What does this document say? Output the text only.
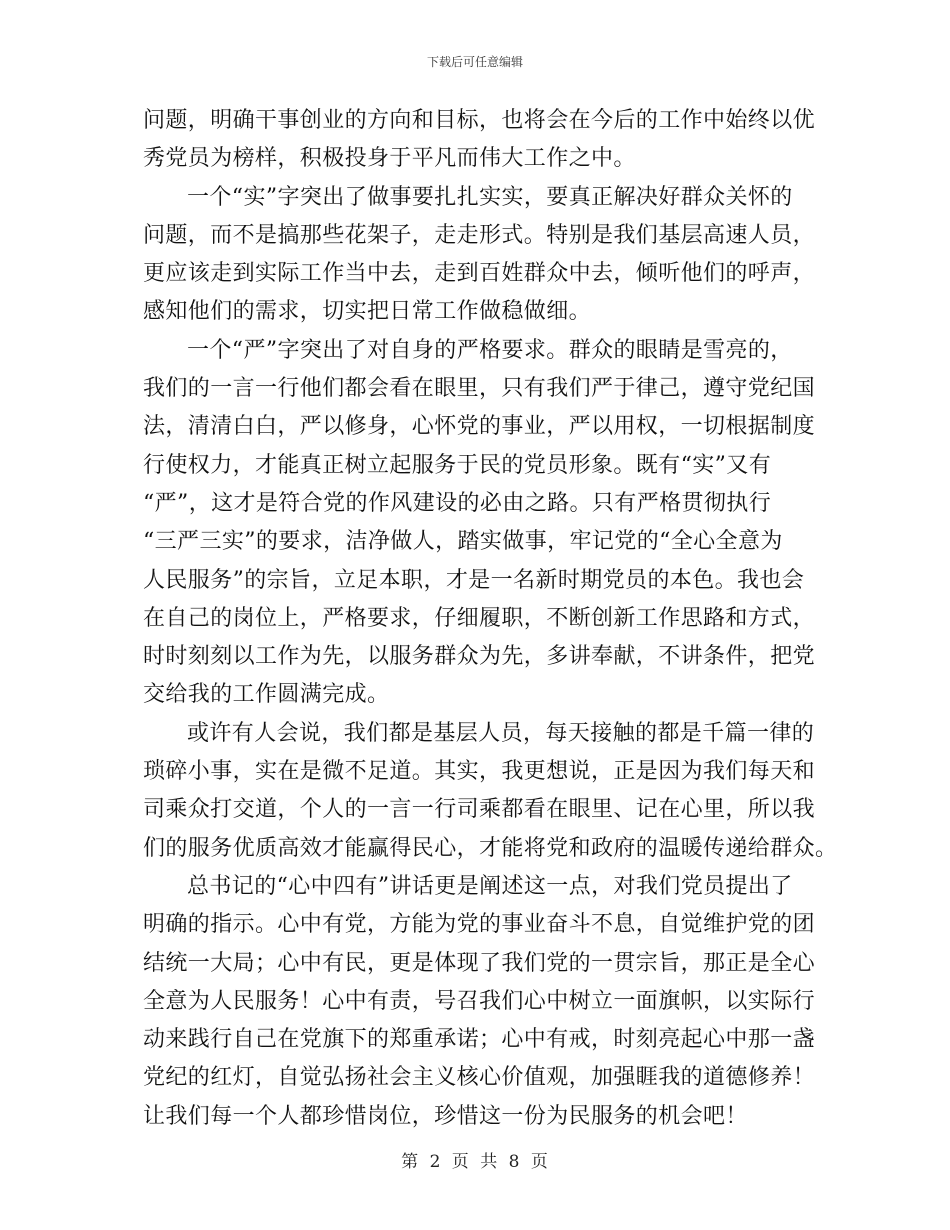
下载后可任意编辑
问题，明确干事创业的方向和目标，也将会在今后的工作中始终以优
秀党员为榜样，积极投身于平凡而伟大工作之中。
一个“实”字突出了做事要扎扎实实，要真正解决好群众关怀的
问题，而不是搞那些花架子，走走形式。特别是我们基层高速人员，
更应该走到实际工作当中去，走到百姓群众中去，倾听他们的呼声，
感知他们的需求，切实把日常工作做稳做细。
一个“严”字突出了对自身的严格要求。群众的眼睛是雪亮的，
我们的一言一行他们都会看在眼里，只有我们严于律己，遵守党纪国
法，清清白白，严以修身，心怀党的事业，严以用权，一切根据制度
行使权力，才能真正树立起服务于民的党员形象。既有“实”又有
“严”，这才是符合党的作风建设的必由之路。只有严格贯彻执行
“三严三实”的要求，洁净做人，踏实做事，牢记党的“全心全意为
人民服务”的宗旨，立足本职，才是一名新时期党员的本色。我也会
在自己的岗位上，严格要求，仔细履职，不断创新工作思路和方式，
时时刻刻以工作为先，以服务群众为先，多讲奉献，不讲条件，把党
交给我的工作圆满完成。
或许有人会说，我们都是基层人员，每天接触的都是千篇一律的
琐碎小事，实在是微不足道。其实，我更想说，正是因为我们每天和
司乘众打交道，个人的一言一行司乘都看在眼里、记在心里，所以我
们的服务优质高效才能赢得民心，才能将党和政府的温暖传递给群众。
总书记的“心中四有”讲话更是阐述这一点，对我们党员提出了
明确的指示。心中有党，方能为党的事业奋斗不息，自觉维护党的团
结统一大局；心中有民，更是体现了我们党的一贯宗旨，那正是全心
全意为人民服务！心中有责，号召我们心中树立一面旗帜，以实际行
动来践行自己在党旗下的郑重承诺；心中有戒，时刻亮起心中那一盏
党纪的红灯，自觉弘扬社会主义核心价值观，加强睚我的道德修养！
让我们每一个人都珍惜岗位，珍惜这一份为民服务的机会吧！
第 2 页 共 8 页
